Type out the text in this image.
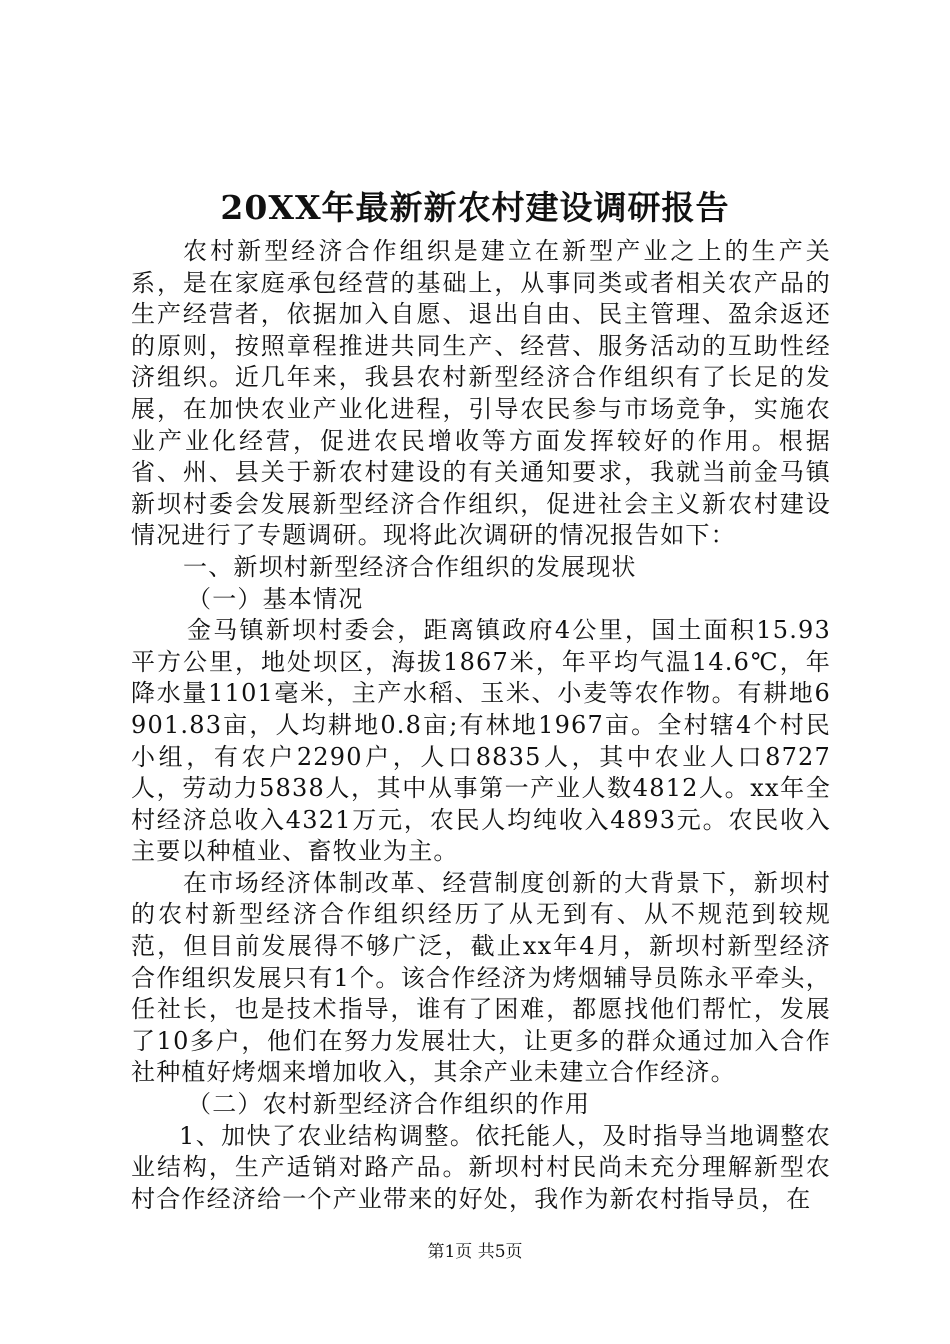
20XX年最新新农村建设调研报告

农村新型经济合作组织是建立在新型产业之上的生产关系，是在家庭承包经营的基础上，从事同类或者相关农产品的生产经营者，依据加入自愿、退出自由、民主管理、盈余返还的原则，按照章程推进共同生产、经营、服务活动的互助性经济组织。近几年来，我县农村新型经济合作组织有了长足的发展，在加快农业产业化进程，引导农民参与市场竞争，实施农业产业化经营，促进农民增收等方面发挥较好的作用。根据省、州、县关于新农村建设的有关通知要求，我就当前金马镇新坝村委会发展新型经济合作组织，促进社会主义新农村建设情况进行了专题调研。现将此次调研的情况报告如下：

一、新坝村新型经济合作组织的发展现状

（一）基本情况

金马镇新坝村委会，距离镇政府4公里，国土面积15.93平方公里，地处坝区，海拔1867米，年平均气温14.6℃，年降水量1101毫米，主产水稻、玉米、小麦等农作物。有耕地6901.83亩，人均耕地0.8亩;有林地1967亩。全村辖4个村民小组，有农户2290户，人口8835人，其中农业人口8727人，劳动力5838人，其中从事第一产业人数4812人。xx年全村经济总收入4321万元，农民人均纯收入4893元。农民收入主要以种植业、畜牧业为主。

在市场经济体制改革、经营制度创新的大背景下，新坝村的农村新型经济合作组织经历了从无到有、从不规范到较规范，但目前发展得不够广泛，截止xx年4月，新坝村新型经济合作组织发展只有1个。该合作经济为烤烟辅导员陈永平牵头，任社长，也是技术指导，谁有了困难，都愿找他们帮忙，发展了10多户，他们在努力发展壮大，让更多的群众通过加入合作社种植好烤烟来增加收入，其余产业未建立合作经济。

（二）农村新型经济合作组织的作用

1、加快了农业结构调整。依托能人，及时指导当地调整农业结构，生产适销对路产品。新坝村村民尚未充分理解新型农村合作经济给一个产业带来的好处，我作为新农村指导员，在

第1页 共5页
